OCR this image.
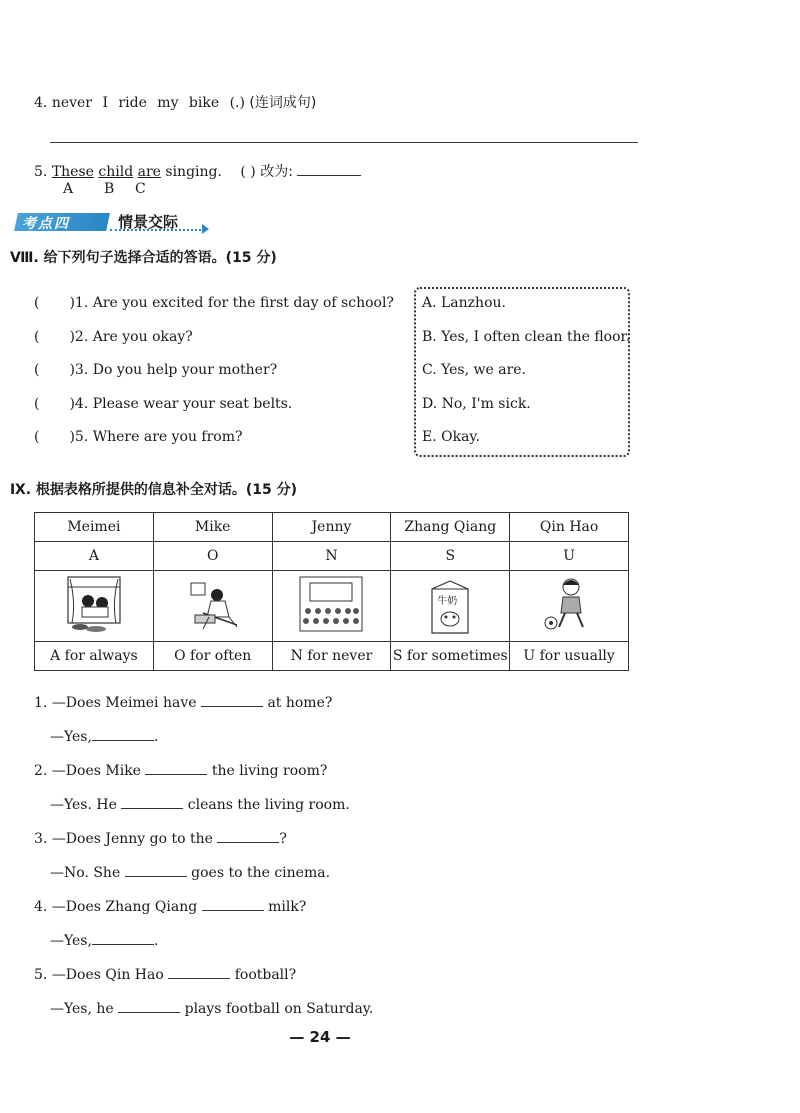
4. never I ride my bike (.) (连词成句)
5. These child are singing. ( ) 改为:
A B C
考点四	情景交际
Ⅷ. 给下列句子选择合适的答语。(15 分)
( )1. Are you excited for the first day of school?
( )2. Are you okay?
( )3. Do you help your mother?
( )4. Please wear your seat belts.
( )5. Where are you from?
A. Lanzhou.
B. Yes, I often clean the floor.
C. Yes, we are.
D. No, I'm sick.
E. Okay.
Ⅸ. 根据表格所提供的信息补全对话。(15 分)
Meimei	Mike	Jenny	Zhang Qiang	Qin Hao
A	O	N	S	U

牛奶

A for always	O for often	N for never	S for sometimes	U for usually
1. —Does Meimei have	at home?
—Yes,	.
2. —Does Mike	the living room?
—Yes. He	cleans the living room.
3. —Does Jenny go to the	?
—No. She	goes to the cinema.
4. —Does Zhang Qiang	milk?
—Yes,	.
5. —Does Qin Hao	football?
—Yes, he	plays football on Saturday.
— 24 —
